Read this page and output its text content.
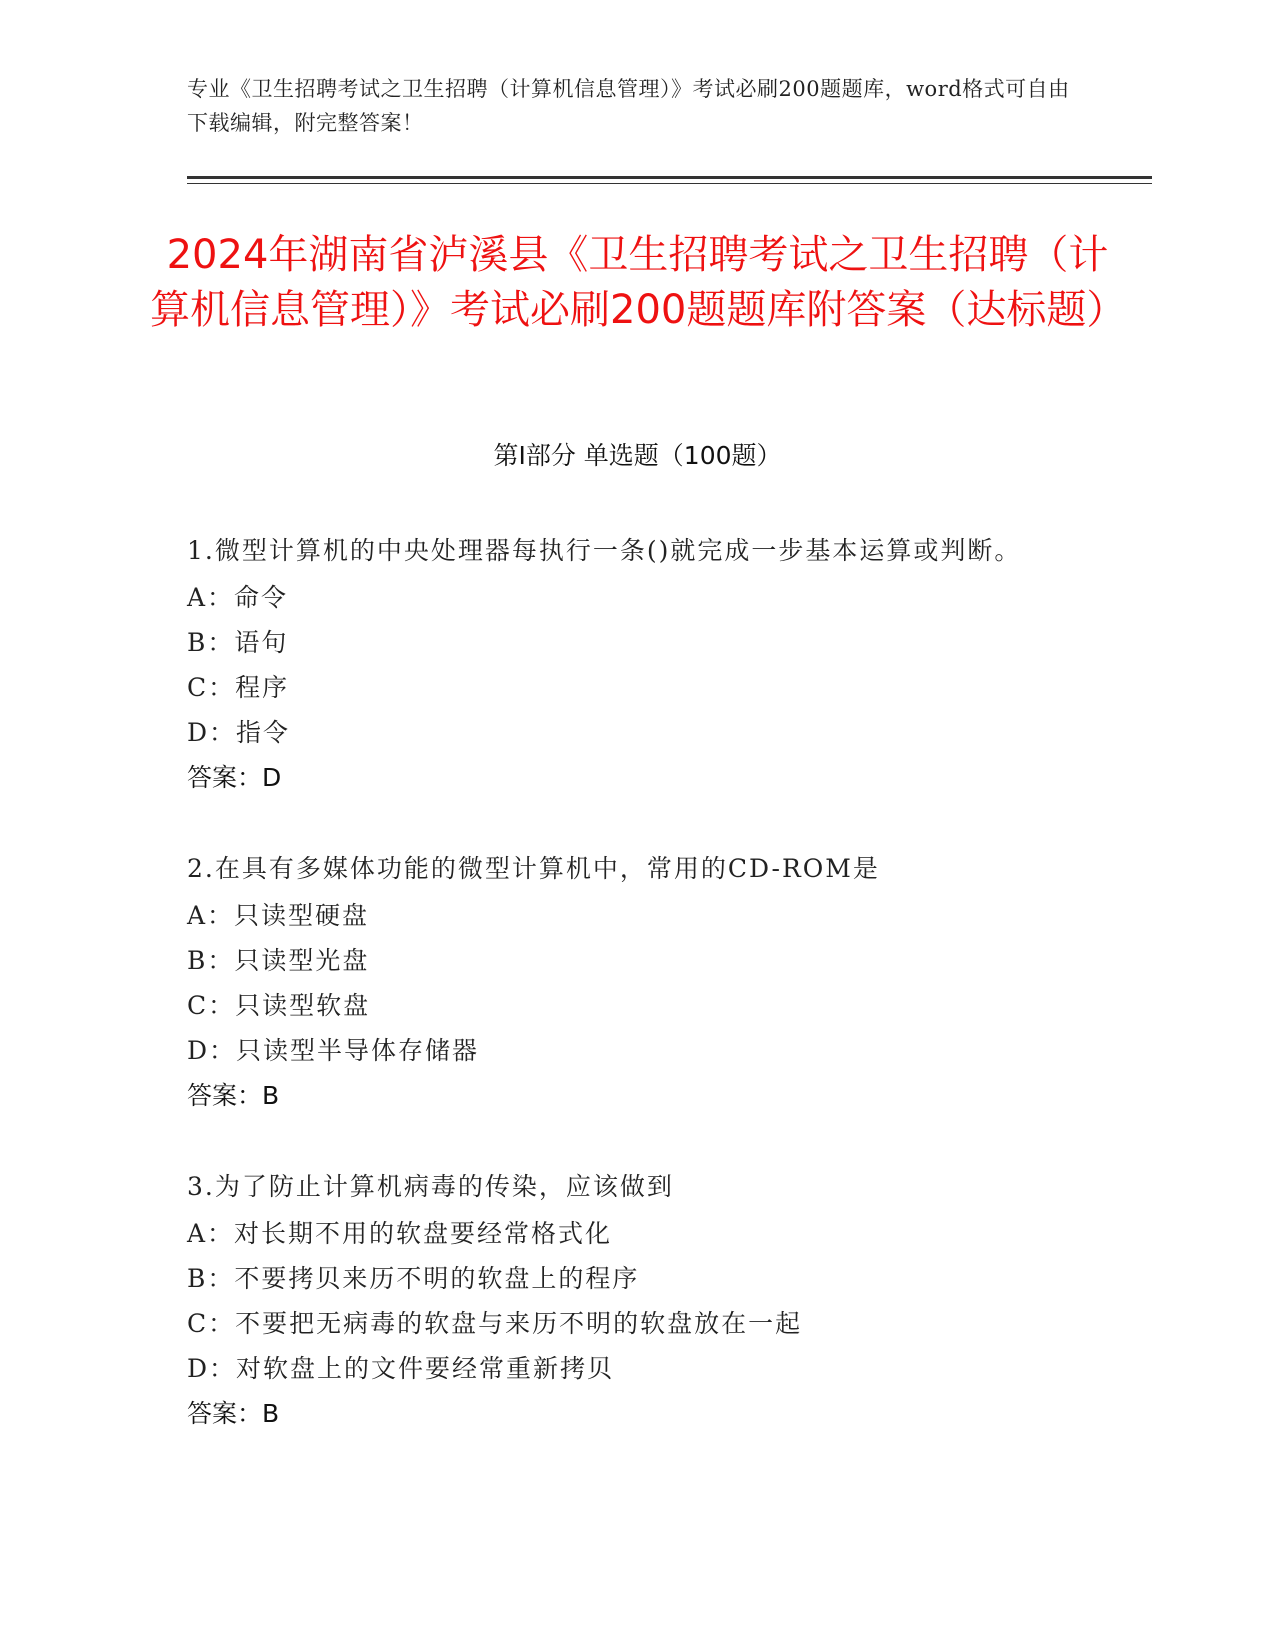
专业《卫生招聘考试之卫生招聘（计算机信息管理）》考试必刷200题题库，word格式可自由下载编辑，附完整答案！
2024年湖南省泸溪县《卫生招聘考试之卫生招聘（计算机信息管理）》考试必刷200题题库附答案（达标题）
第Ⅰ部分 单选题（100题）

1.微型计算机的中央处理器每执行一条()就完成一步基本运算或判断。

A：命令

B：语句

C：程序

D：指令

答案：D

2.在具有多媒体功能的微型计算机中，常用的CD-ROM是

A：只读型硬盘

B：只读型光盘

C：只读型软盘

D：只读型半导体存储器

答案：B

3.为了防止计算机病毒的传染，应该做到

A：对长期不用的软盘要经常格式化

B：不要拷贝来历不明的软盘上的程序

C：不要把无病毒的软盘与来历不明的软盘放在一起

D：对软盘上的文件要经常重新拷贝

答案：B
